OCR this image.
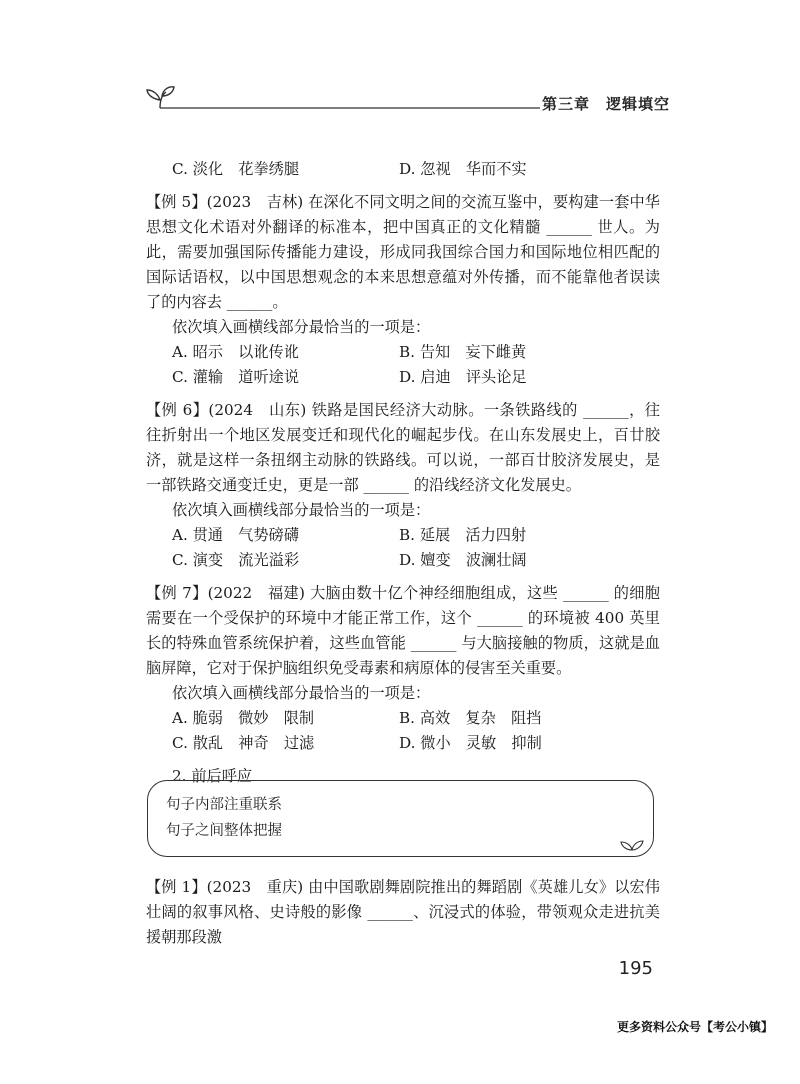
第三章　逻辑填空
C. 淡化　花拳绣腿	D. 忽视　华而不实

【例 5】(2023　吉林) 在深化不同文明之间的交流互鉴中，要构建一套中华思想文化术语对外翻译的标准本，把中国真正的文化精髓 ______ 世人。为此，需要加强国际传播能力建设，形成同我国综合国力和国际地位相匹配的国际话语权，以中国思想观念的本来思想意蕴对外传播，而不能靠他者误读了的内容去 ______。

依次填入画横线部分最恰当的一项是：
A. 昭示　以讹传讹	B. 告知　妄下雌黄
C. 灌输　道听途说	D. 启迪　评头论足

【例 6】(2024　山东) 铁路是国民经济大动脉。一条铁路线的 ______，往往折射出一个地区发展变迁和现代化的崛起步伐。在山东发展史上，百廿胶济，就是这样一条扭纲主动脉的铁路线。可以说，一部百廿胶济发展史，是一部铁路交通变迁史，更是一部 ______ 的沿线经济文化发展史。

依次填入画横线部分最恰当的一项是：
A. 贯通　气势磅礴	B. 延展　活力四射
C. 演变　流光溢彩	D. 嬗变　波澜壮阔

【例 7】(2022　福建) 大脑由数十亿个神经细胞组成，这些 ______ 的细胞需要在一个受保护的环境中才能正常工作，这个 ______ 的环境被 400 英里长的特殊血管系统保护着，这些血管能 ______ 与大脑接触的物质，这就是血脑屏障，它对于保护脑组织免受毒素和病原体的侵害至关重要。

依次填入画横线部分最恰当的一项是：
A. 脆弱　微妙　限制	B. 高效　复杂　阻挡
C. 散乱　神奇　过滤	D. 微小　灵敏　抑制
2. 前后呼应
句子内部注重联系
句子之间整体把握

【例 1】(2023　重庆) 由中国歌剧舞剧院推出的舞蹈剧《英雄儿女》以宏伟壮阔的叙事风格、史诗般的影像 ______、沉浸式的体验，带领观众走进抗美援朝那段激

195
更多资料公众号【考公小镇】
